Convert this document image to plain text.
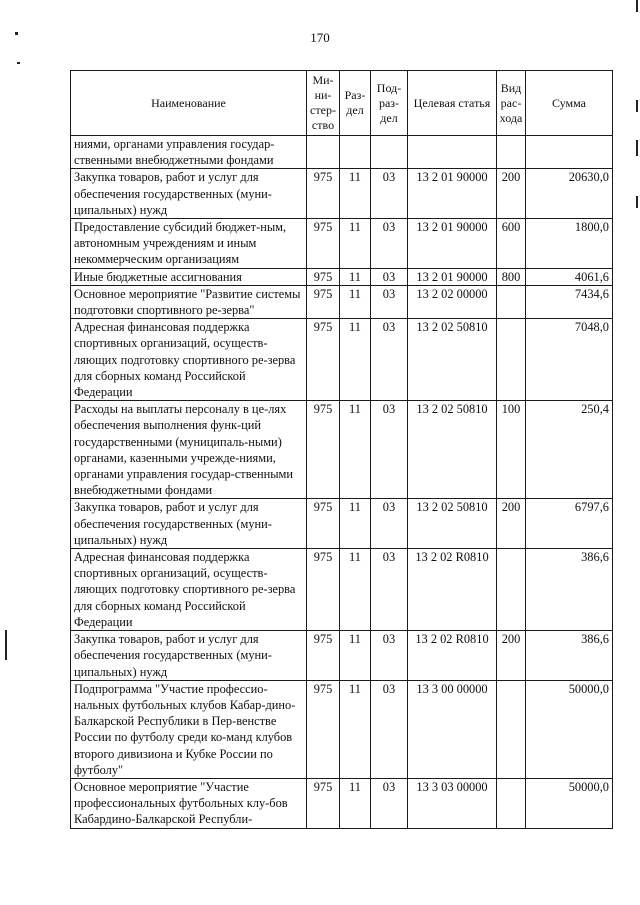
170
Наименование	Ми-ни-стер-ство	Раз-дел	Под-раз-дел	Целевая статья	Вид рас-хода	Сумма
ниями, органами управления государ-ственными внебюджетными фондами						
Закупка товаров, работ и услуг для обеспечения государственных (муни-ципальных) нужд	975	11	03	13 2 01 90000	200	20630,0
Предоставление субсидий бюджет-ным, автономным учреждениям и иным некоммерческим организациям	975	11	03	13 2 01 90000	600	1800,0
Иные бюджетные ассигнования	975	11	03	13 2 01 90000	800	4061,6
Основное мероприятие "Развитие системы подготовки спортивного ре-зерва"	975	11	03	13 2 02 00000		7434,6
Адресная финансовая поддержка спортивных организаций, осуществ-ляющих подготовку спортивного ре-зерва для сборных команд Российской Федерации	975	11	03	13 2 02 50810		7048,0
Расходы на выплаты персоналу в це-лях обеспечения выполнения функ-ций государственными (муниципаль-ными) органами, казенными учрежде-ниями, органами управления государ-ственными внебюджетными фондами	975	11	03	13 2 02 50810	100	250,4
Закупка товаров, работ и услуг для обеспечения государственных (муни-ципальных) нужд	975	11	03	13 2 02 50810	200	6797,6
Адресная финансовая поддержка спортивных организаций, осуществ-ляющих подготовку спортивного ре-зерва для сборных команд Российской Федерации	975	11	03	13 2 02 R0810		386,6
Закупка товаров, работ и услуг для обеспечения государственных (муни-ципальных) нужд	975	11	03	13 2 02 R0810	200	386,6
Подпрограмма "Участие профессио-нальных футбольных клубов Кабар-дино-Балкарской Республики в Пер-венстве России по футболу среди ко-манд клубов второго дивизиона и Кубке России по футболу"	975	11	03	13 3 00 00000		50000,0
Основное мероприятие "Участие профессиональных футбольных клу-бов Кабардино-Балкарской Республи-	975	11	03	13 3 03 00000		50000,0
